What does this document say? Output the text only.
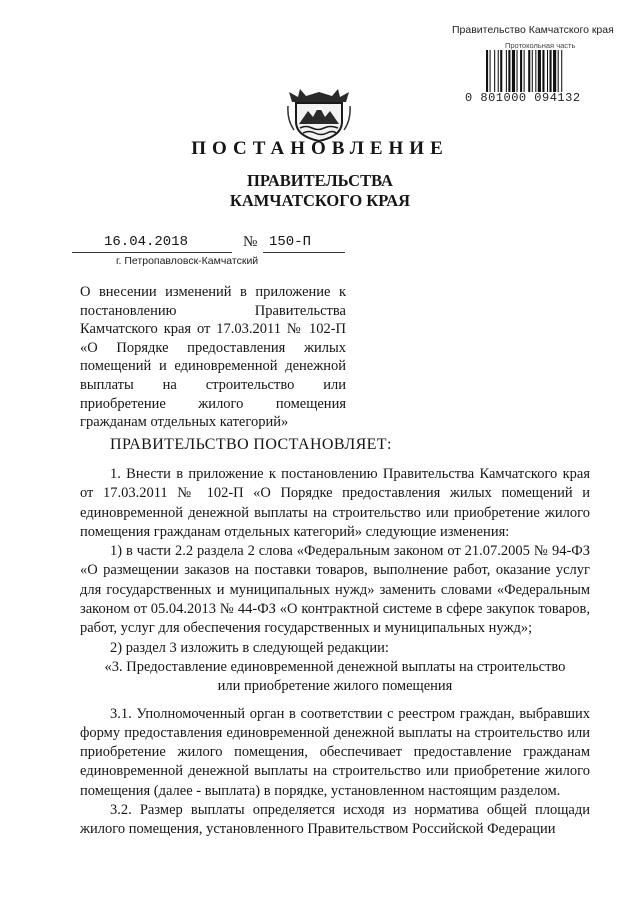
Правительство Камчатского края
Протокольная часть
0 801000 094132
ПОСТАНОВЛЕНИЕ
ПРАВИТЕЛЬСТВА
КАМЧАТСКОГО КРАЯ
16.04.2018	№ 150-П
г. Петропавловск-Камчатский
О внесении изменений в приложение к постановлению Правительства Камчатского края от 17.03.2011 № 102-П «О Порядке предоставления жилых помещений и единовременной денежной выплаты на строительство или приобретение жилого помещения гражданам отдельных категорий»
ПРАВИТЕЛЬСТВО ПОСТАНОВЛЯЕТ:

1. Внести в приложение к постановлению Правительства Камчатского края от 17.03.2011 № 102-П «О Порядке предоставления жилых помещений и единовременной денежной выплаты на строительство или приобретение жилого помещения гражданам отдельных категорий» следующие изменения:

1) в части 2.2 раздела 2 слова «Федеральным законом от 21.07.2005 № 94-ФЗ «О размещении заказов на поставки товаров, выполнение работ, оказание услуг для государственных и муниципальных нужд» заменить словами «Федеральным законом от 05.04.2013 № 44-ФЗ «О контрактной системе в сфере закупок товаров, работ, услуг для обеспечения государственных и муниципальных нужд»;

2) раздел 3 изложить в следующей редакции:

«3. Предоставление единовременной денежной выплаты на строительство

или приобретение жилого помещения

3.1. Уполномоченный орган в соответствии с реестром граждан, выбравших форму предоставления единовременной денежной выплаты на строительство или приобретение жилого помещения, обеспечивает предоставление гражданам единовременной денежной выплаты на строительство или приобретение жилого помещения (далее - выплата) в порядке, установленном настоящим разделом.

3.2. Размер выплаты определяется исходя из норматива общей площади жилого помещения, установленного Правительством Российской Федерации
